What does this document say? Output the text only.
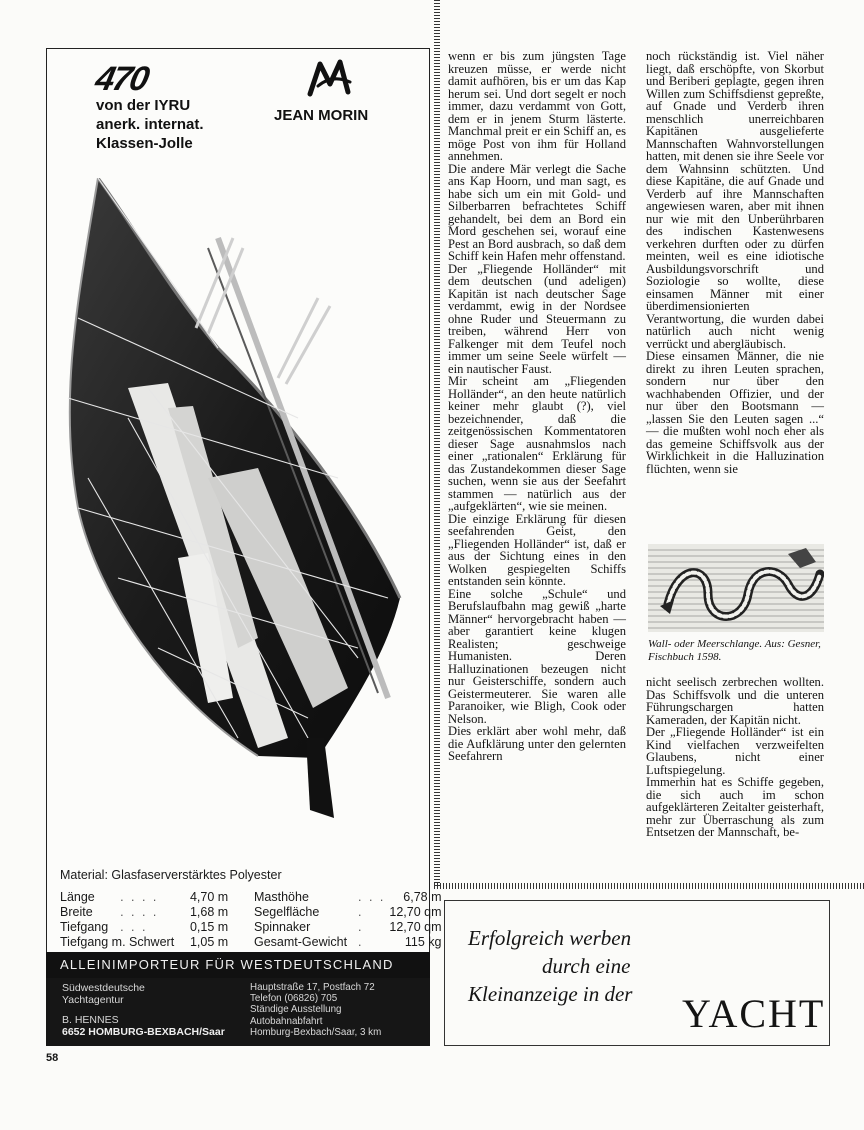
470
von der IYRU
anerk. internat.
Klassen-Jolle
JEAN MORIN
Material: Glasfaserverstärktes Polyester
Länge	. . . .	4,70 m
Breite	. . . .	1,68 m
Tiefgang	. . .	0,15 m
Tiefgang m. Schwert		1,05 m
Masthöhe	. . .	6,78 m
Segelfläche	.	12,70 qm
Spinnaker	.	12,70 qm
Gesamt-Gewicht	.	115 kg
ALLEINIMPORTEUR FÜR WESTDEUTSCHLAND
Südwestdeutsche
Yachtagentur
B. HENNES
6652 HOMBURG-BEXBACH/Saar
Hauptstraße 17, Postfach 72
Telefon (06826) 705
Ständige Ausstellung
Autobahnabfahrt
Homburg-Bexbach/Saar, 3 km
58

wenn er bis zum jüngsten Tage kreuzen müsse, er werde nicht damit aufhören, bis er um das Kap herum sei. Und dort segelt er noch immer, dazu verdammt von Gott, dem er in jenem Sturm lästerte. Manchmal preit er ein Schiff an, es möge Post von ihm für Holland annehmen.

Die andere Mär verlegt die Sache ans Kap Hoorn, und man sagt, es habe sich um ein mit Gold- und Silberbarren befrachtetes Schiff gehandelt, bei dem an Bord ein Mord geschehen sei, worauf eine Pest an Bord ausbrach, so daß dem Schiff kein Hafen mehr offenstand.

Der „Fliegende Holländer“ mit dem deutschen (und adeligen) Kapitän ist nach deutscher Sage verdammt, ewig in der Nordsee ohne Ruder und Steuermann zu treiben, während Herr von Falkenger mit dem Teufel noch immer um seine Seele würfelt — ein nautischer Faust.

Mir scheint am „Fliegenden Holländer“, an den heute natürlich keiner mehr glaubt (?), viel bezeichnender, daß die zeitgenössischen Kommentatoren dieser Sage ausnahmslos nach einer „rationalen“ Erklärung für das Zustandekommen dieser Sage suchen, wenn sie aus der Seefahrt stammen — natürlich aus der „aufgeklärten“, wie sie meinen.

Die einzige Erklärung für diesen seefahrenden Geist, den „Fliegenden Holländer“ ist, daß er aus der Sichtung eines in den Wolken gespiegelten Schiffs entstanden sein könnte.

Eine solche „Schule“ und Berufslaufbahn mag gewiß „harte Männer“ hervorgebracht haben — aber garantiert keine klugen Realisten; geschweige Humanisten. Deren Halluzinationen bezeugen nicht nur Geisterschiffe, sondern auch Geistermeuterer. Sie waren alle Paranoiker, wie Bligh, Cook oder Nelson.

Dies erklärt aber wohl mehr, daß die Aufklärung unter den gelernten Seefahrern

noch rückständig ist. Viel näher liegt, daß erschöpfte, von Skorbut und Beriberi geplagte, gegen ihren Willen zum Schiffsdienst gepreßte, auf Gnade und Verderb ihren menschlich unerreichbaren Kapitänen ausgelieferte Mannschaften Wahnvorstellungen hatten, mit denen sie ihre Seele vor dem Wahnsinn schützten. Und diese Kapitäne, die auf Gnade und Verderb auf ihre Mannschaften angewiesen waren, aber mit ihnen nur wie mit den Unberührbaren des indischen Kastenwesens verkehren durften oder zu dürfen meinten, weil es eine idiotische Ausbildungsvorschrift und Soziologie so wollte, diese einsamen Männer mit einer überdimensionierten Verantwortung, die wurden dabei natürlich auch nicht wenig verrückt und abergläubisch.

Diese einsamen Männer, die nie direkt zu ihren Leuten sprachen, sondern nur über den wachhabenden Offizier, und der nur über den Bootsmann — „lassen Sie den Leuten sagen ...“ — die mußten wohl noch eher als das gemeine Schiffsvolk aus der Wirklichkeit in die Halluzination flüchten, wenn sie

Wall- oder Meerschlange. Aus: Gesner, Fischbuch 1598.

nicht seelisch zerbrechen wollten. Das Schiffsvolk und die unteren Führungschargen hatten Kameraden, der Kapitän nicht.

Der „Fliegende Holländer“ ist ein Kind vielfachen verzweifelten Glaubens, nicht einer Luftspiegelung.

Immerhin hat es Schiffe gegeben, die sich auch im schon aufgeklärteren Zeitalter geisterhaft, mehr zur Überraschung als zum Entsetzen der Mannschaft, be-

Erfolgreich werben
durch eine
Kleinanzeige in der YACHT
